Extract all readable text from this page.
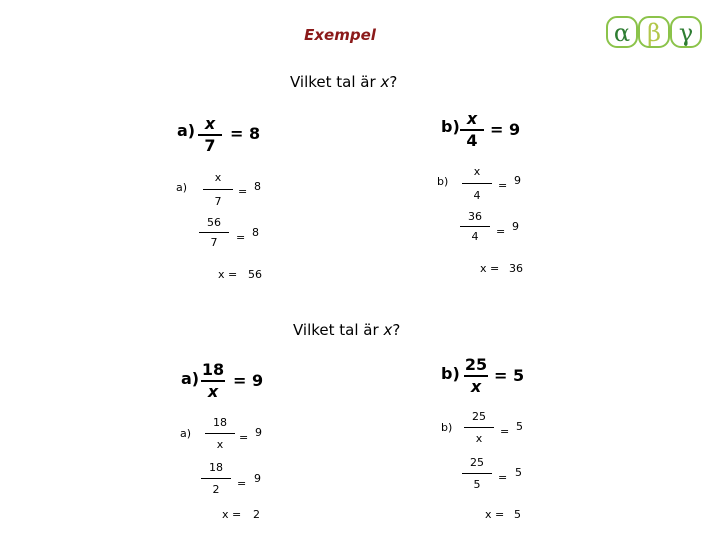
Exempel	α β γ
Vilket tal är x?
a) x
7
= 8
a)
x
7
= 8
56
7 = 8
x = 56
b) x
4
= 9
b)
x
4
= 9
36
4 = 9
x = 36
Vilket tal är x?
a) 18
x
= 9
a)
18
x
= 9
18
2 = 9
x = 2
b) 25
x
= 5
b)
25
x
= 5
25
5
= 5
x = 5
